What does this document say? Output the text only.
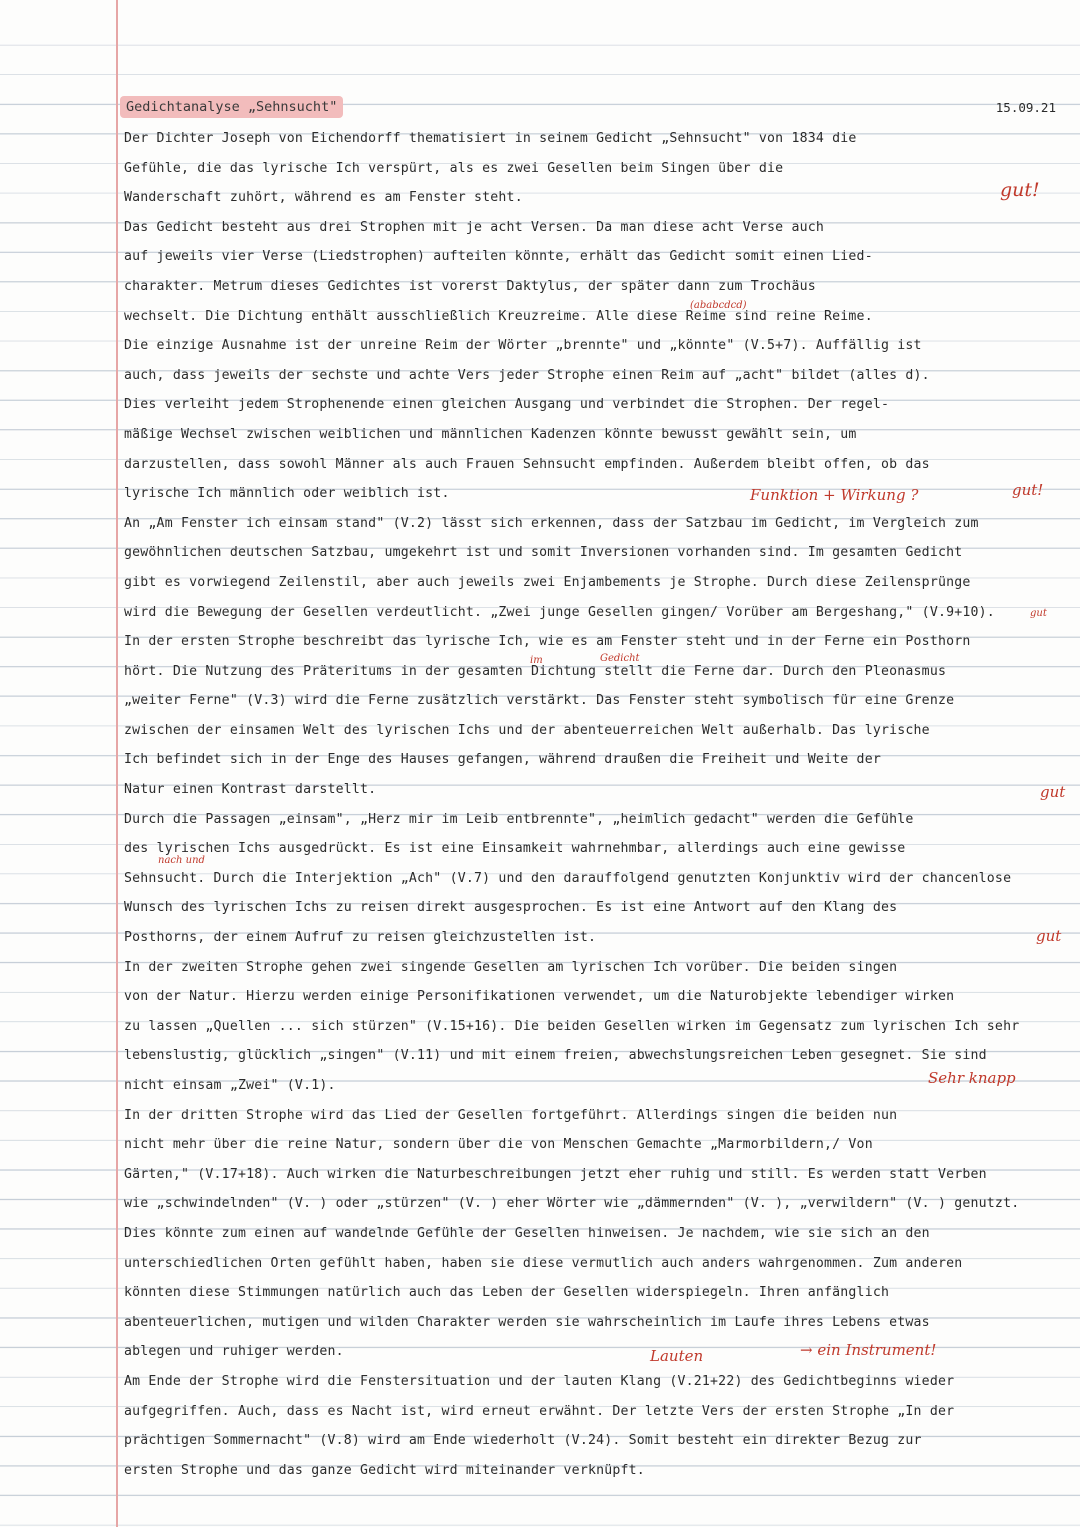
Gedichtanalyse „Sehnsucht"	15.09.21
Der Dichter Joseph von Eichendorff thematisiert in seinem Gedicht „Sehnsucht" von 1834 die
Gefühle, die das lyrische Ich verspürt, als es zwei Gesellen beim Singen über die
Wanderschaft zuhört, während es am Fenster steht.
Das Gedicht besteht aus drei Strophen mit je acht Versen. Da man diese acht Verse auch
auf jeweils vier Verse (Liedstrophen) aufteilen könnte, erhält das Gedicht somit einen Lied-
charakter. Metrum dieses Gedichtes ist vorerst Daktylus, der später dann zum Trochäus
wechselt. Die Dichtung enthält ausschließlich Kreuzreime. Alle diese Reime sind reine Reime.
Die einzige Ausnahme ist der unreine Reim der Wörter „brennte" und „könnte" (V.5+7). Auffällig ist
auch, dass jeweils der sechste und achte Vers jeder Strophe einen Reim auf „acht" bildet (alles d).
Dies verleiht jedem Strophenende einen gleichen Ausgang und verbindet die Strophen. Der regel-
mäßige Wechsel zwischen weiblichen und männlichen Kadenzen könnte bewusst gewählt sein, um
darzustellen, dass sowohl Männer als auch Frauen Sehnsucht empfinden. Außerdem bleibt offen, ob das
lyrische Ich männlich oder weiblich ist.
An „Am Fenster ich einsam stand" (V.2) lässt sich erkennen, dass der Satzbau im Gedicht, im Vergleich zum
gewöhnlichen deutschen Satzbau, umgekehrt ist und somit Inversionen vorhanden sind. Im gesamten Gedicht
gibt es vorwiegend Zeilenstil, aber auch jeweils zwei Enjambements je Strophe. Durch diese Zeilensprünge
wird die Bewegung der Gesellen verdeutlicht. „Zwei junge Gesellen gingen/ Vorüber am Bergeshang," (V.9+10).
In der ersten Strophe beschreibt das lyrische Ich, wie es am Fenster steht und in der Ferne ein Posthorn
hört. Die Nutzung des Präteritums in der gesamten Dichtung stellt die Ferne dar. Durch den Pleonasmus
„weiter Ferne" (V.3) wird die Ferne zusätzlich verstärkt. Das Fenster steht symbolisch für eine Grenze
zwischen der einsamen Welt des lyrischen Ichs und der abenteuerreichen Welt außerhalb. Das lyrische
Ich befindet sich in der Enge des Hauses gefangen, während draußen die Freiheit und Weite der
Natur einen Kontrast darstellt.
Durch die Passagen „einsam", „Herz mir im Leib entbrennte", „heimlich gedacht" werden die Gefühle
des lyrischen Ichs ausgedrückt. Es ist eine Einsamkeit wahrnehmbar, allerdings auch eine gewisse
Sehnsucht. Durch die Interjektion „Ach" (V.7) und den darauffolgend genutzten Konjunktiv wird der chancenlose
Wunsch des lyrischen Ichs zu reisen direkt ausgesprochen. Es ist eine Antwort auf den Klang des
Posthorns, der einem Aufruf zu reisen gleichzustellen ist.
In der zweiten Strophe gehen zwei singende Gesellen am lyrischen Ich vorüber. Die beiden singen
von der Natur. Hierzu werden einige Personifikationen verwendet, um die Naturobjekte lebendiger wirken
zu lassen „Quellen ... sich stürzen" (V.15+16). Die beiden Gesellen wirken im Gegensatz zum lyrischen Ich sehr
lebenslustig, glücklich „singen" (V.11) und mit einem freien, abwechslungsreichen Leben gesegnet. Sie sind
nicht einsam „Zwei" (V.1).
In der dritten Strophe wird das Lied der Gesellen fortgeführt. Allerdings singen die beiden nun
nicht mehr über die reine Natur, sondern über die von Menschen Gemachte „Marmorbildern,/ Von
Gärten," (V.17+18). Auch wirken die Naturbeschreibungen jetzt eher ruhig und still. Es werden statt Verben
wie „schwindelnden" (V. ) oder „stürzen" (V. ) eher Wörter wie „dämmernden" (V. ), „verwildern" (V. ) genutzt.
Dies könnte zum einen auf wandelnde Gefühle der Gesellen hinweisen. Je nachdem, wie sie sich an den
unterschiedlichen Orten gefühlt haben, haben sie diese vermutlich auch anders wahrgenommen. Zum anderen
könnten diese Stimmungen natürlich auch das Leben der Gesellen widerspiegeln. Ihren anfänglich
abenteuerlichen, mutigen und wilden Charakter werden sie wahrscheinlich im Laufe ihres Lebens etwas
ablegen und ruhiger werden.
Am Ende der Strophe wird die Fenstersituation und der lauten Klang (V.21+22) des Gedichtbeginns wieder
aufgegriffen. Auch, dass es Nacht ist, wird erneut erwähnt. Der letzte Vers der ersten Strophe „In der
prächtigen Sommernacht" (V.8) wird am Ende wiederholt (V.24). Somit besteht ein direkter Bezug zur
ersten Strophe und das ganze Gedicht wird miteinander verknüpft.
gut!
(ababcdcd)
gut!
Funktion + Wirkung ?
gut
Gedicht
im
gut
nach und
gut
Sehr knapp
Lauten	→ ein Instrument!
